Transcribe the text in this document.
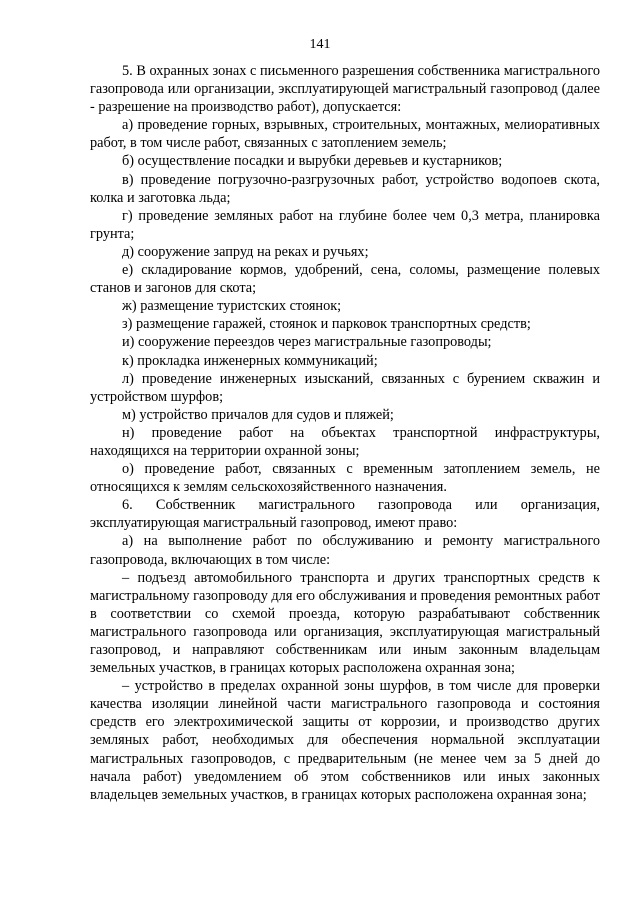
141

5. В охранных зонах с письменного разрешения собственника магистрального газопровода или организации, эксплуатирующей магистральный газопровод (далее - разрешение на производство работ), допускается:

а) проведение горных, взрывных, строительных, монтажных, мелиоративных работ, в том числе работ, связанных с затоплением земель;

б) осуществление посадки и вырубки деревьев и кустарников;

в) проведение погрузочно-разгрузочных работ, устройство водопоев скота, колка и заготовка льда;

г) проведение земляных работ на глубине более чем 0,3 метра, планировка грунта;

д) сооружение запруд на реках и ручьях;

е) складирование кормов, удобрений, сена, соломы, размещение полевых станов и загонов для скота;

ж) размещение туристских стоянок;

з) размещение гаражей, стоянок и парковок транспортных средств;

и) сооружение переездов через магистральные газопроводы;

к) прокладка инженерных коммуникаций;

л) проведение инженерных изысканий, связанных с бурением скважин и устройством шурфов;

м) устройство причалов для судов и пляжей;

н) проведение работ на объектах транспортной инфраструктуры, находящихся на территории охранной зоны;

о) проведение работ, связанных с временным затоплением земель, не относящихся к землям сельскохозяйственного назначения.

6. Собственник магистрального газопровода или организация, эксплуатирующая магистральный газопровод, имеют право:

а) на выполнение работ по обслуживанию и ремонту магистрального газопровода, включающих в том числе:

– подъезд автомобильного транспорта и других транспортных средств к магистральному газопроводу для его обслуживания и проведения ремонтных работ в соответствии со схемой проезда, которую разрабатывают собственник магистрального газопровода или организация, эксплуатирующая магистральный газопровод, и направляют собственникам или иным законным владельцам земельных участков, в границах которых расположена охранная зона;

– устройство в пределах охранной зоны шурфов, в том числе для проверки качества изоляции линейной части магистрального газопровода и состояния средств его электрохимической защиты от коррозии, и производство других земляных работ, необходимых для обеспечения нормальной эксплуатации магистральных газопроводов, с предварительным (не менее чем за 5 дней до начала работ) уведомлением об этом собственников или иных законных владельцев земельных участков, в границах которых расположена охранная зона;
